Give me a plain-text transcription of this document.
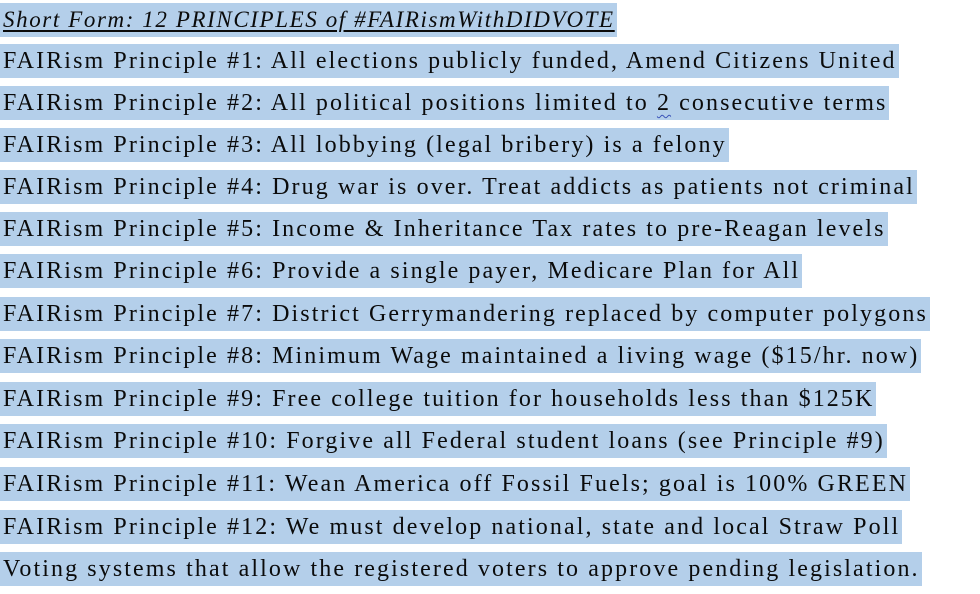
Short Form: 12 PRINCIPLES of #FAIRismWithDIDVOTE
FAIRism Principle #1: All elections publicly funded, Amend Citizens United
FAIRism Principle #2: All political positions limited to 2 consecutive terms
FAIRism Principle #3: All lobbying (legal bribery) is a felony
FAIRism Principle #4: Drug war is over. Treat addicts as patients not criminal
FAIRism Principle #5: Income & Inheritance Tax rates to pre-Reagan levels
FAIRism Principle #6: Provide a single payer, Medicare Plan for All
FAIRism Principle #7: District Gerrymandering replaced by computer polygons
FAIRism Principle #8: Minimum Wage maintained a living wage ($15/hr. now)
FAIRism Principle #9: Free college tuition for households less than $125K
FAIRism Principle #10: Forgive all Federal student loans (see Principle #9)
FAIRism Principle #11: Wean America off Fossil Fuels; goal is 100% GREEN
FAIRism Principle #12: We must develop national, state and local Straw Poll
Voting systems that allow the registered voters to approve pending legislation.
